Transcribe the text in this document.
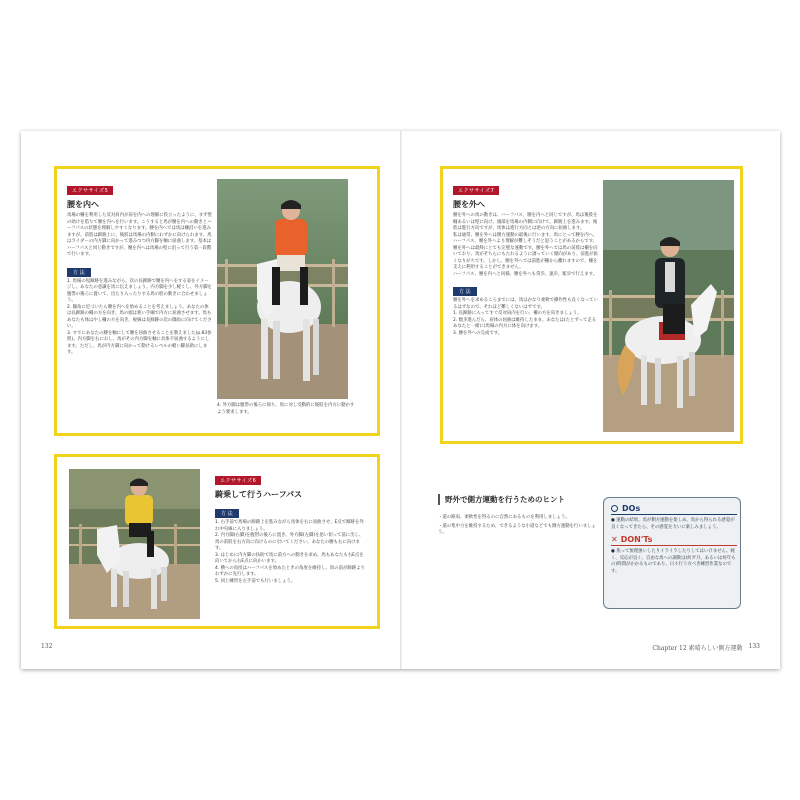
エクササイズ5
腰を内へ

馬場の柵を利用した反対肩内が肩を内への理解に役立ったように、まず壁の助けを借りて腰を内へを行います。こうすると馬が腰を内への動きとハーフパスの状態を理解しやすくなります。腰を内へでは馬は柵沿いを進みますが、前肢は蹄跡上に、後肢は馬場の内側にわずかに向けられます。馬はライダーの内方脚に向かって進みつつ内方脚を軸に屈曲します。基本はハーフパスと同じ動きですが、腰を内へは馬場の壁に沿って行う第一段階で行います。

方 法

1. 馬場の短蹄跡を進みながら、次の長蹄跡で腰を内へをする姿をイメージし、あなたの意識を馬に伝えましょう。内方脚を少し軽くし、外方脚を腹帯の後ろに置いて、出たり入ったりする馬の肢の動きに合わせましょう。
2. 隅角に近づいたら腰を内へを始めることを考えましょう。あなたの体は長蹄跡の柵の方を向き、馬の頭は狭い手綱で内方に屈曲させます。馬もあなたも体はやし柵の方を向き、視線は長蹄跡の次の隅角に向けてください。
3. すでにあなたの腰を軸にして腰を屈曲させることを教えました(p.83参照)。内方脚を右におし、馬がその内方脚を軸に具体不屈曲するようにします。ただし、馬が内方脚に向かって動けるレベルの軽い脚扶助にします。

4. 外方脚は腹帯の後ろに保ち、馬に対し受動的に後肢を内方に動かすよう要求します。
エクササイズ6
騎乗して行うハーフパス
方 法

1. 右手前で馬場の蹄跡上を進みながら馬体を右に屈曲させ、E点で蹄跡を外れ中央線に入りましょう。
2. 内方脚(右脚)を腹帯の後ろに置き、外方脚(左脚)を思い切って前に出し、馬の前肢を右方向に向けるのに引いてください。あなたの腰も右に向けます。
3. はじめに内方脚の扶助で馬に前方への動きを求め、馬もあなたも右E点を向いてから右E点に向かいます。
4. 横への角度はハーフパスを始めたときの角度を維持し、馬の前が蹄跡よりわずかに先行します。
5. 同じ練習を左手前でも行いましょう。

エクササイズ7
腰を外へ

腰を外への馬の動きは、ハーフパス、腰を内へと同じですが、馬は後肢を柵あるいは壁に向け、頭部を馬場の内側に向けて、蹄跡上を進みます。後肢は進行方向ですが、馬体は進行方向とは逆の方向に屈曲します。
私は通常、腰を外へは側方運動の最後に行います。馬にとって腰を内へ、ハーフパス、腰を外へより理解が難しそうだと思うことがあるからです。腰を外へは最終にとても完璧な運動です。腰を外へでは馬の前肢は柵を向いており、馬がそちらにもたれるように誘っていく傾向があり、前進が抜くなりがちです。しかし、腰を外へでは前進が柵から離れますので、柵を支えに利用することができません。
ハーフパス、腰を内へと同様、腰を外へも常歩、速歩、駈歩で行えます。

方 法

腰を外へを求めるころまでには、馬はかなり柔軟で操作性も良くなっているはずなので、それほど難しくないはずです。

1. 長蹄跡に入ってすぐ反対肩内を行い、柵の方を向きましょう。
2. 数歩進んだら、肩体の屈曲は維持したまま、あなたは(たとずって走るあなたと一緒に)馬場の内方に体を向けます。
3. 腰を外への完成です。

野外で側方運動を行うためのヒント

・道の路肩、柔軟性を得るのに自然にあるものを利用しましょう。

・道の集中力を維持するため、できるような小道などでも側方運動を行いましょう。

DOs

● 運動の結果、馬が側方運動を楽しめ、馬から得られる感覚が良くなってきたら、その感覚を大いに楽しみましょう。

✕ DON'Ts

● 焦って無理強いしたりイライラしたりしてはいけません。軽く、反応が良く、自由な馬への調教は(何ガ月、あるいは何年もの)時間がかかるものであり、日々行う方べき練習作業なのです。

132	Chapter 12 素晴らしい側方運動 133
